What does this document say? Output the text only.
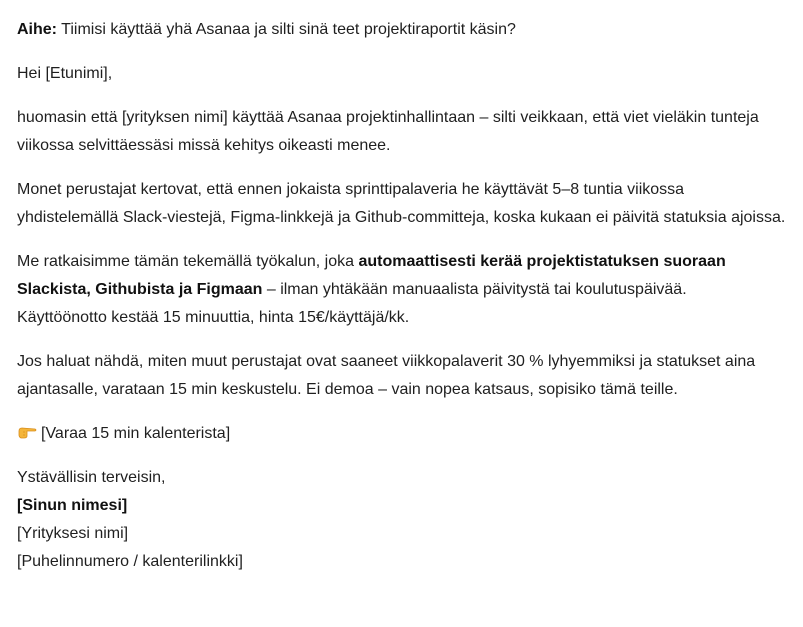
Aihe: Tiimisi käyttää yhä Asanaa ja silti sinä teet projektiraportit käsin?

Hei [Etunimi],

huomasin että [yrityksen nimi] käyttää Asanaa projektinhallintaan – silti veikkaan, että viet vieläkin tunteja viikossa selvittäessäsi missä kehitys oikeasti menee.

Monet perustajat kertovat, että ennen jokaista sprinttipalaveria he käyttävät 5–8 tuntia viikossa yhdistelemällä Slack-viestejä, Figma-linkkejä ja Github-committeja, koska kukaan ei päivitä statuksia ajoissa.

Me ratkaisimme tämän tekemällä työkalun, joka automaattisesti kerää projektistatuksen suoraan Slackista, Githubista ja Figmaan – ilman yhtäkään manuaalista päivitystä tai koulutuspäivää.
Käyttöönotto kestää 15 minuuttia, hinta 15€/käyttäjä/kk.

Jos haluat nähdä, miten muut perustajat ovat saaneet viikkopalaverit 30 % lyhyemmiksi ja statukset aina ajantasalle, varataan 15 min keskustelu. Ei demoa – vain nopea katsaus, sopisiko tämä teille.

[Varaa 15 min kalenterista]

Ystävällisin terveisin,

[Sinun nimesi]

[Yrityksesi nimi]

[Puhelinnumero / kalenterilinkki]
